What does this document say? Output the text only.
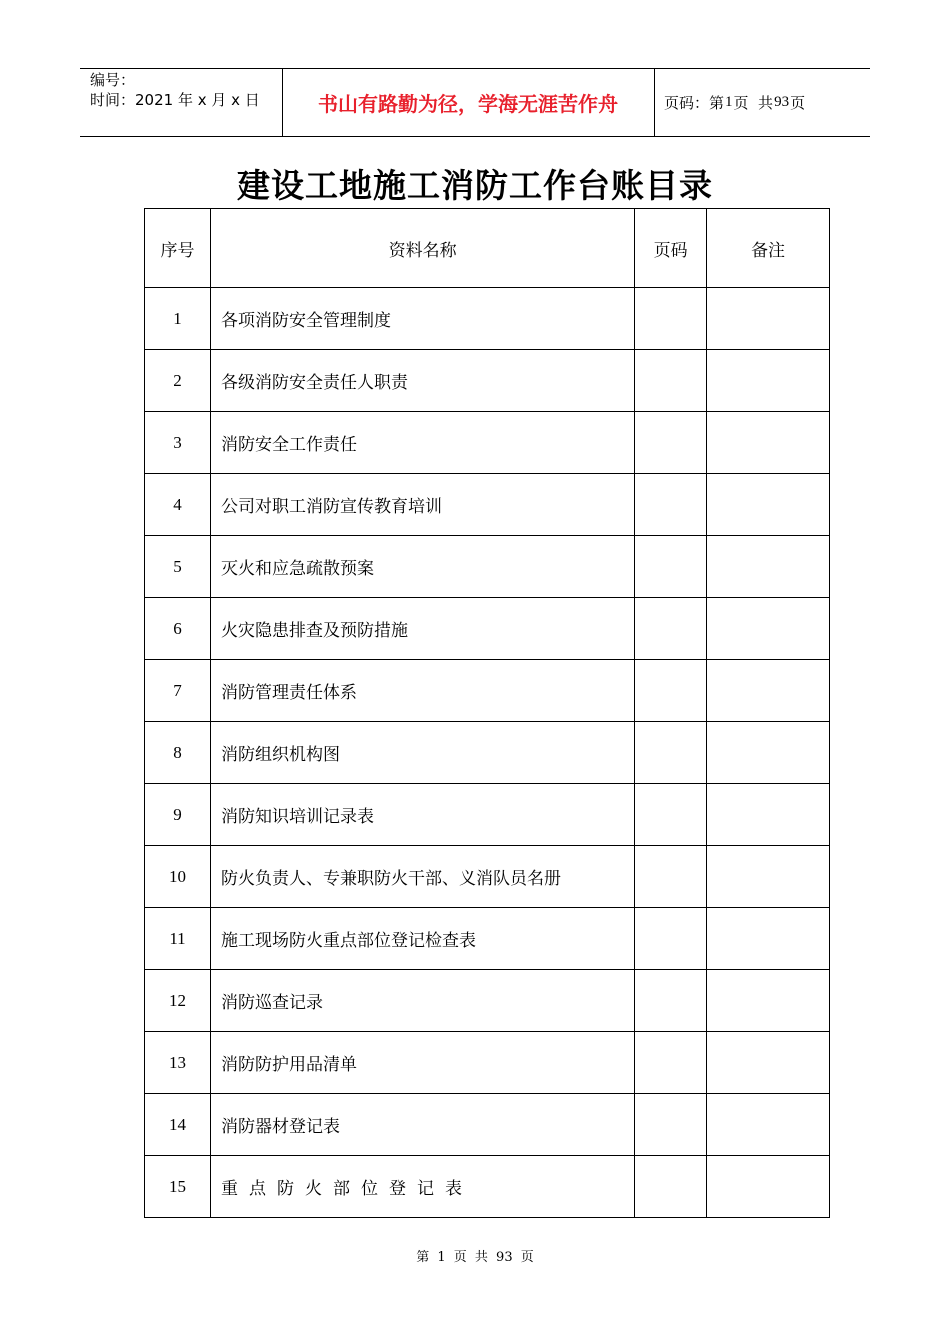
编号：
时间：2021 年 x 月 x 日	书山有路勤为径，学海无涯苦作舟	页码：第 1 页  共 93 页
建设工地施工消防工作台账目录
序号	资料名称	页码	备注
1	各项消防安全管理制度		
2	各级消防安全责任人职责		
3	消防安全工作责任		
4	公司对职工消防宣传教育培训		
5	灭火和应急疏散预案		
6	火灾隐患排查及预防措施		
7	消防管理责任体系		
8	消防组织机构图		
9	消防知识培训记录表		
10	防火负责人、专兼职防火干部、义消队员名册		
11	施工现场防火重点部位登记检查表		
12	消防巡查记录		
13	消防防护用品清单		
14	消防器材登记表		
15	重点防火部位登记表		
第 1 页 共 93 页
